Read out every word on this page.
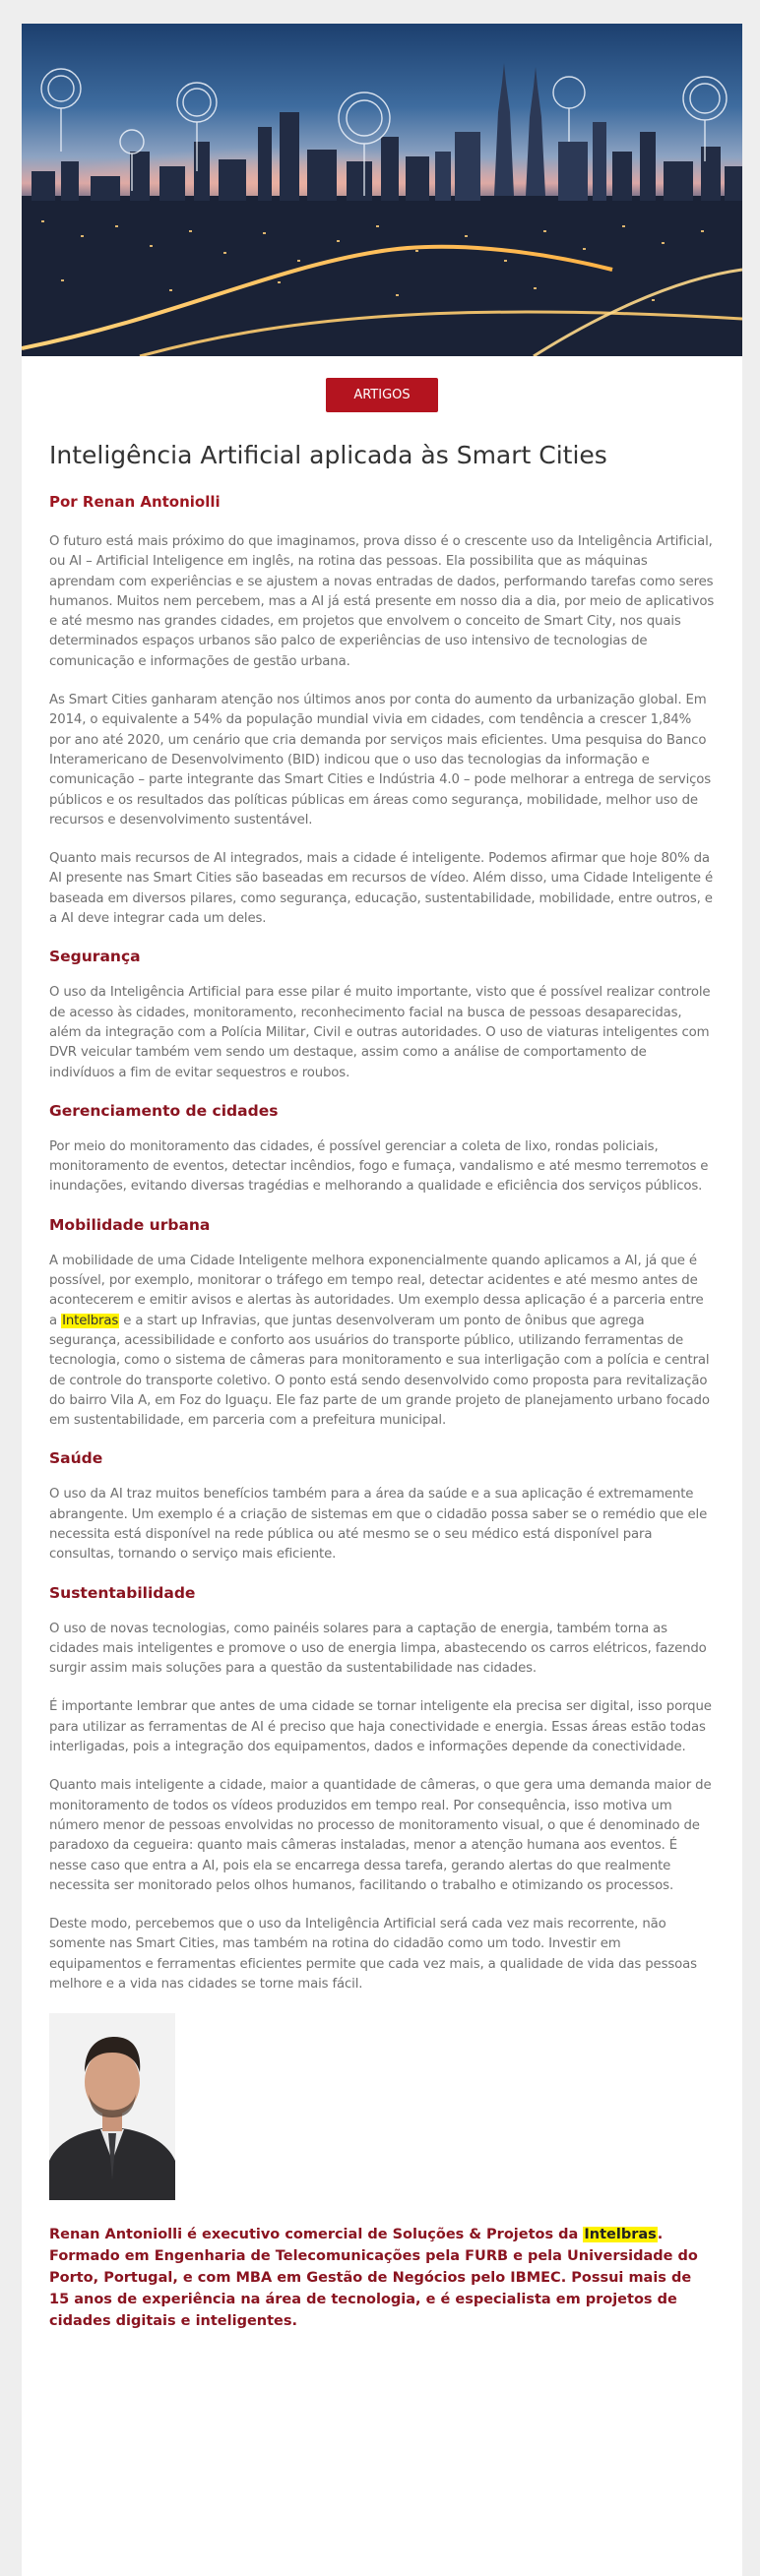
ARTIGOS
Inteligência Artificial aplicada às Smart Cities
Por Renan Antoniolli

O futuro está mais próximo do que imaginamos, prova disso é o crescente uso da Inteligência Artificial, ou AI – Artificial Inteligence em inglês, na rotina das pessoas. Ela possibilita que as máquinas aprendam com experiências e se ajustem a novas entradas de dados, performando tarefas como seres humanos. Muitos nem percebem, mas a AI já está presente em nosso dia a dia, por meio de aplicativos e até mesmo nas grandes cidades, em projetos que envolvem o conceito de Smart City, nos quais determinados espaços urbanos são palco de experiências de uso intensivo de tecnologias de comunicação e informações de gestão urbana.

As Smart Cities ganharam atenção nos últimos anos por conta do aumento da urbanização global. Em 2014, o equivalente a 54% da população mundial vivia em cidades, com tendência a crescer 1,84% por ano até 2020, um cenário que cria demanda por serviços mais eficientes. Uma pesquisa do Banco Interamericano de Desenvolvimento (BID) indicou que o uso das tecnologias da informação e comunicação – parte integrante das Smart Cities e Indústria 4.0 – pode melhorar a entrega de serviços públicos e os resultados das políticas públicas em áreas como segurança, mobilidade, melhor uso de recursos e desenvolvimento sustentável.

Quanto mais recursos de AI integrados, mais a cidade é inteligente. Podemos afirmar que hoje 80% da AI presente nas Smart Cities são baseadas em recursos de vídeo. Além disso, uma Cidade Inteligente é baseada em diversos pilares, como segurança, educação, sustentabilidade, mobilidade, entre outros, e a AI deve integrar cada um deles.

Segurança

O uso da Inteligência Artificial para esse pilar é muito importante, visto que é possível realizar controle de acesso às cidades, monitoramento, reconhecimento facial na busca de pessoas desaparecidas, além da integração com a Polícia Militar, Civil e outras autoridades. O uso de viaturas inteligentes com DVR veicular também vem sendo um destaque, assim como a análise de comportamento de indivíduos a fim de evitar sequestros e roubos.

Gerenciamento de cidades

Por meio do monitoramento das cidades, é possível gerenciar a coleta de lixo, rondas policiais, monitoramento de eventos, detectar incêndios, fogo e fumaça, vandalismo e até mesmo terremotos e inundações, evitando diversas tragédias e melhorando a qualidade e eficiência dos serviços públicos.

Mobilidade urbana

A mobilidade de uma Cidade Inteligente melhora exponencialmente quando aplicamos a AI, já que é possível, por exemplo, monitorar o tráfego em tempo real, detectar acidentes e até mesmo antes de acontecerem e emitir avisos e alertas às autoridades. Um exemplo dessa aplicação é a parceria entre a Intelbras e a start up Infravias, que juntas desenvolveram um ponto de ônibus que agrega segurança, acessibilidade e conforto aos usuários do transporte público, utilizando ferramentas de tecnologia, como o sistema de câmeras para monitoramento e sua interligação com a polícia e central de controle do transporte coletivo. O ponto está sendo desenvolvido como proposta para revitalização do bairro Vila A, em Foz do Iguaçu. Ele faz parte de um grande projeto de planejamento urbano focado em sustentabilidade, em parceria com a prefeitura municipal.

Saúde

O uso da AI traz muitos benefícios também para a área da saúde e a sua aplicação é extremamente abrangente. Um exemplo é a criação de sistemas em que o cidadão possa saber se o remédio que ele necessita está disponível na rede pública ou até mesmo se o seu médico está disponível para consultas, tornando o serviço mais eficiente.

Sustentabilidade

O uso de novas tecnologias, como painéis solares para a captação de energia, também torna as cidades mais inteligentes e promove o uso de energia limpa, abastecendo os carros elétricos, fazendo surgir assim mais soluções para a questão da sustentabilidade nas cidades.

É importante lembrar que antes de uma cidade se tornar inteligente ela precisa ser digital, isso porque para utilizar as ferramentas de AI é preciso que haja conectividade e energia. Essas áreas estão todas interligadas, pois a integração dos equipamentos, dados e informações depende da conectividade.

Quanto mais inteligente a cidade, maior a quantidade de câmeras, o que gera uma demanda maior de monitoramento de todos os vídeos produzidos em tempo real. Por consequência, isso motiva um número menor de pessoas envolvidas no processo de monitoramento visual, o que é denominado de paradoxo da cegueira: quanto mais câmeras instaladas, menor a atenção humana aos eventos. É nesse caso que entra a AI, pois ela se encarrega dessa tarefa, gerando alertas do que realmente necessita ser monitorado pelos olhos humanos, facilitando o trabalho e otimizando os processos.

Deste modo, percebemos que o uso da Inteligência Artificial será cada vez mais recorrente, não somente nas Smart Cities, mas também na rotina do cidadão como um todo. Investir em equipamentos e ferramentas eficientes permite que cada vez mais, a qualidade de vida das pessoas melhore e a vida nas cidades se torne mais fácil.

Renan Antoniolli é executivo comercial de Soluções & Projetos da Intelbras. Formado em Engenharia de Telecomunicações pela FURB e pela Universidade do Porto, Portugal, e com MBA em Gestão de Negócios pelo IBMEC. Possui mais de 15 anos de experiência na área de tecnologia, e é especialista em projetos de cidades digitais e inteligentes.
